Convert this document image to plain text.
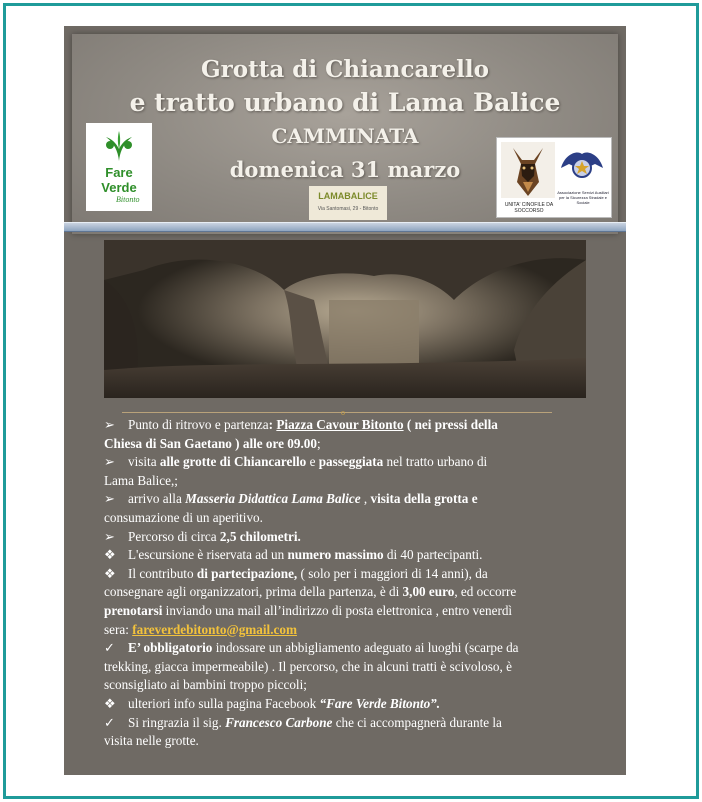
Grotta di Chiancarello
e tratto urbano di Lama Balice
CAMMINATA
domenica 31 marzo
Fare
Verde
Bitonto	LAMABALICE
Via Santomasi, 29 - Bitonto
UNITA' CINOFILE DA SOCCORSO
Associazione Servizi Ausiliari per la Sicurezza Stradale e Sociale
o
➢ Punto di ritrovo e partenza: Piazza Cavour Bitonto ( nei pressi della
Chiesa di San Gaetano ) alle ore 09.00;
➢ visita alle grotte di Chiancarello e passeggiata nel tratto urbano di
Lama Balice,;
➢ arrivo alla Masseria Didattica Lama Balice , visita della grotta e
consumazione di un aperitivo.
➢ Percorso di circa 2,5 chilometri.
❖ L'escursione è riservata ad un numero massimo di 40 partecipanti.
❖ Il contributo di partecipazione, ( solo per i maggiori di 14 anni), da
consegnare agli organizzatori, prima della partenza, è di 3,00 euro, ed occorre
prenotarsi inviando una mail all’indirizzo di posta elettronica , entro venerdì
sera: fareverdebitonto@gmail.com
✓ E’ obbligatorio indossare un abbigliamento adeguato ai luoghi (scarpe da
trekking, giacca impermeabile) . Il percorso, che in alcuni tratti è scivoloso, è
sconsigliato ai bambini troppo piccoli;
❖ ulteriori info sulla pagina Facebook “Fare Verde Bitonto”.
✓ Si ringrazia il sig. Francesco Carbone che ci accompagnerà durante la
visita nelle grotte.
